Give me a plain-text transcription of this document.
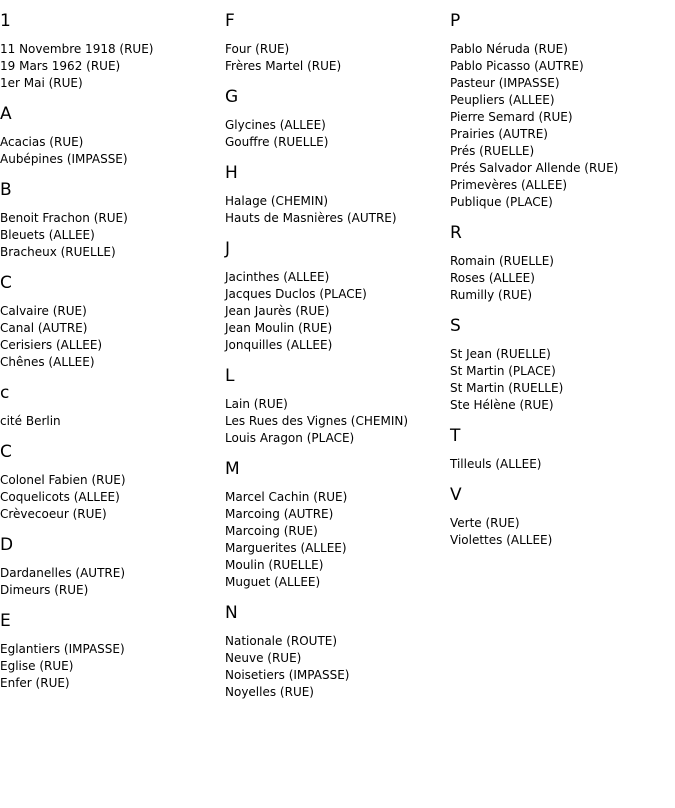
1
11 Novembre 1918 (RUE)
19 Mars 1962 (RUE)
1er Mai (RUE)
A
Acacias (RUE)
Aubépines (IMPASSE)
B
Benoit Frachon (RUE)
Bleuets (ALLEE)
Bracheux (RUELLE)
C
Calvaire (RUE)
Canal (AUTRE)
Cerisiers (ALLEE)
Chênes (ALLEE)
c
cité Berlin
C
Colonel Fabien (RUE)
Coquelicots (ALLEE)
Crèvecoeur (RUE)
D
Dardanelles (AUTRE)
Dimeurs (RUE)
E
Eglantiers (IMPASSE)
Eglise (RUE)
Enfer (RUE)
F
Four (RUE)
Frères Martel (RUE)
G
Glycines (ALLEE)
Gouffre (RUELLE)
H
Halage (CHEMIN)
Hauts de Masnières (AUTRE)
J
Jacinthes (ALLEE)
Jacques Duclos (PLACE)
Jean Jaurès (RUE)
Jean Moulin (RUE)
Jonquilles (ALLEE)
L
Lain (RUE)
Les Rues des Vignes (CHEMIN)
Louis Aragon (PLACE)
M
Marcel Cachin (RUE)
Marcoing (AUTRE)
Marcoing (RUE)
Marguerites (ALLEE)
Moulin (RUELLE)
Muguet (ALLEE)
N
Nationale (ROUTE)
Neuve (RUE)
Noisetiers (IMPASSE)
Noyelles (RUE)
P
Pablo Néruda (RUE)
Pablo Picasso (AUTRE)
Pasteur (IMPASSE)
Peupliers (ALLEE)
Pierre Semard (RUE)
Prairies (AUTRE)
Prés (RUELLE)
Prés Salvador Allende (RUE)
Primevères (ALLEE)
Publique (PLACE)
R
Romain (RUELLE)
Roses (ALLEE)
Rumilly (RUE)
S
St Jean (RUELLE)
St Martin (PLACE)
St Martin (RUELLE)
Ste Hélène (RUE)
T
Tilleuls (ALLEE)
V
Verte (RUE)
Violettes (ALLEE)
